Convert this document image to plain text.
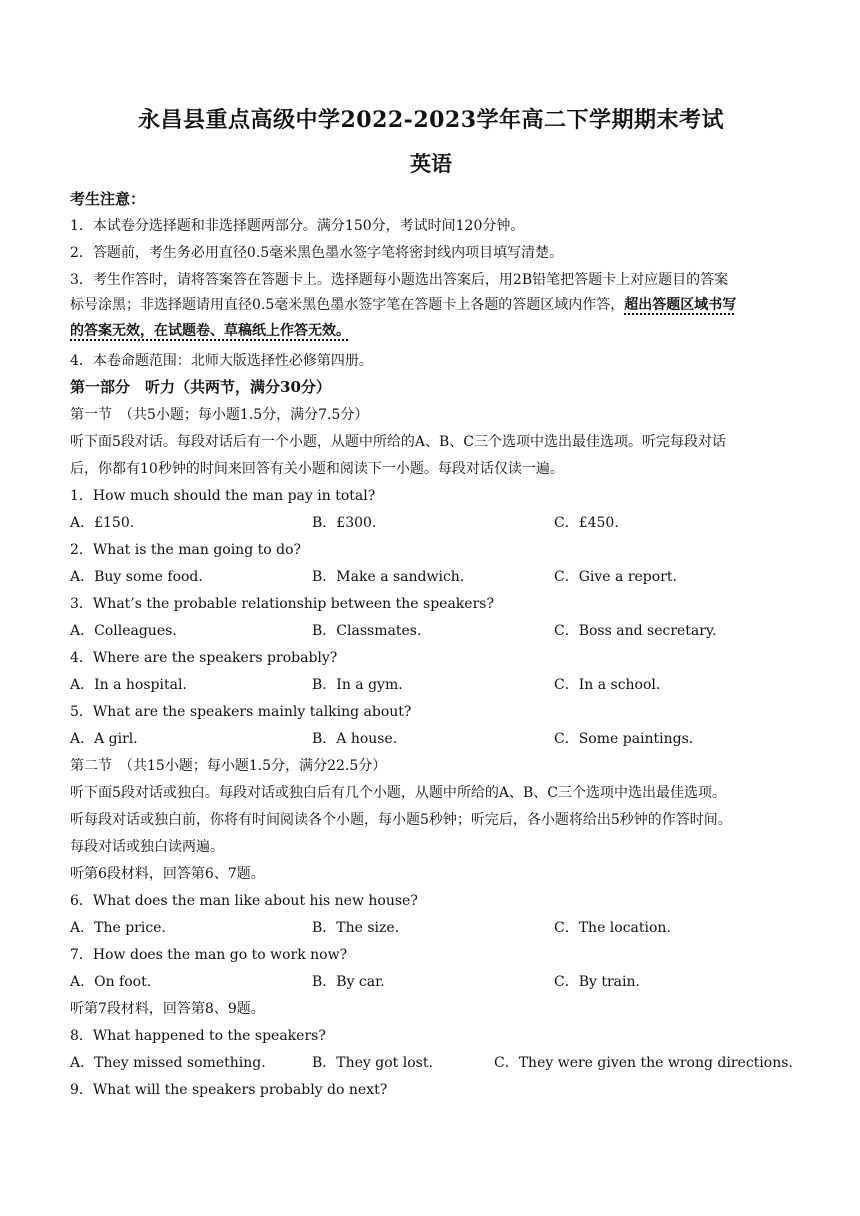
永昌县重点高级中学2022-2023学年高二下学期期末考试
英语
考生注意：
1．本试卷分选择题和非选择题两部分。满分150分，考试时间120分钟。
2．答题前，考生务必用直径0.5毫米黑色墨水签字笔将密封线内项目填写清楚。
3．考生作答时，请将答案答在答题卡上。选择题每小题选出答案后，用2B铅笔把答题卡上对应题目的答案
标号涂黑；非选择题请用直径0.5毫米黑色墨水签字笔在答题卡上各题的答题区域内作答，超出答题区域书写
的答案无效，在试题卷、草稿纸上作答无效。
4．本卷命题范围：北师大版选择性必修第四册。
第一部分　听力（共两节，满分30分）
第一节　（共5小题；每小题1.5分，满分7.5分）
听下面5段对话。每段对话后有一个小题，从题中所给的A、B、C三个选项中选出最佳选项。听完每段对话
后，你都有10秒钟的时间来回答有关小题和阅读下一小题。每段对话仅读一遍。
1．How much should the man pay in total?
A．£150.	B．£300.	C．£450.
2．What is the man going to do?
A．Buy some food.	B．Make a sandwich.	C．Give a report.
3．What’s the probable relationship between the speakers?
A．Colleagues.	B．Classmates.	C．Boss and secretary.
4．Where are the speakers probably?
A．In a hospital.	B．In a gym.	C．In a school.
5．What are the speakers mainly talking about?
A．A girl.	B．A house.	C．Some paintings.
第二节　（共15小题；每小题1.5分，满分22.5分）
听下面5段对话或独白。每段对话或独白后有几个小题，从题中所给的A、B、C三个选项中选出最佳选项。
听每段对话或独白前，你将有时间阅读各个小题，每小题5秒钟；听完后，各小题将给出5秒钟的作答时间。
每段对话或独白读两遍。
听第6段材料，回答第6、7题。
6．What does the man like about his new house?
A．The price.	B．The size.	C．The location.
7．How does the man go to work now?
A．On foot.	B．By car.	C．By train.
听第7段材料，回答第8、9题。
8．What happened to the speakers?
A．They missed something.	B．They got lost.	C．They were given the wrong directions.
9．What will the speakers probably do next?
